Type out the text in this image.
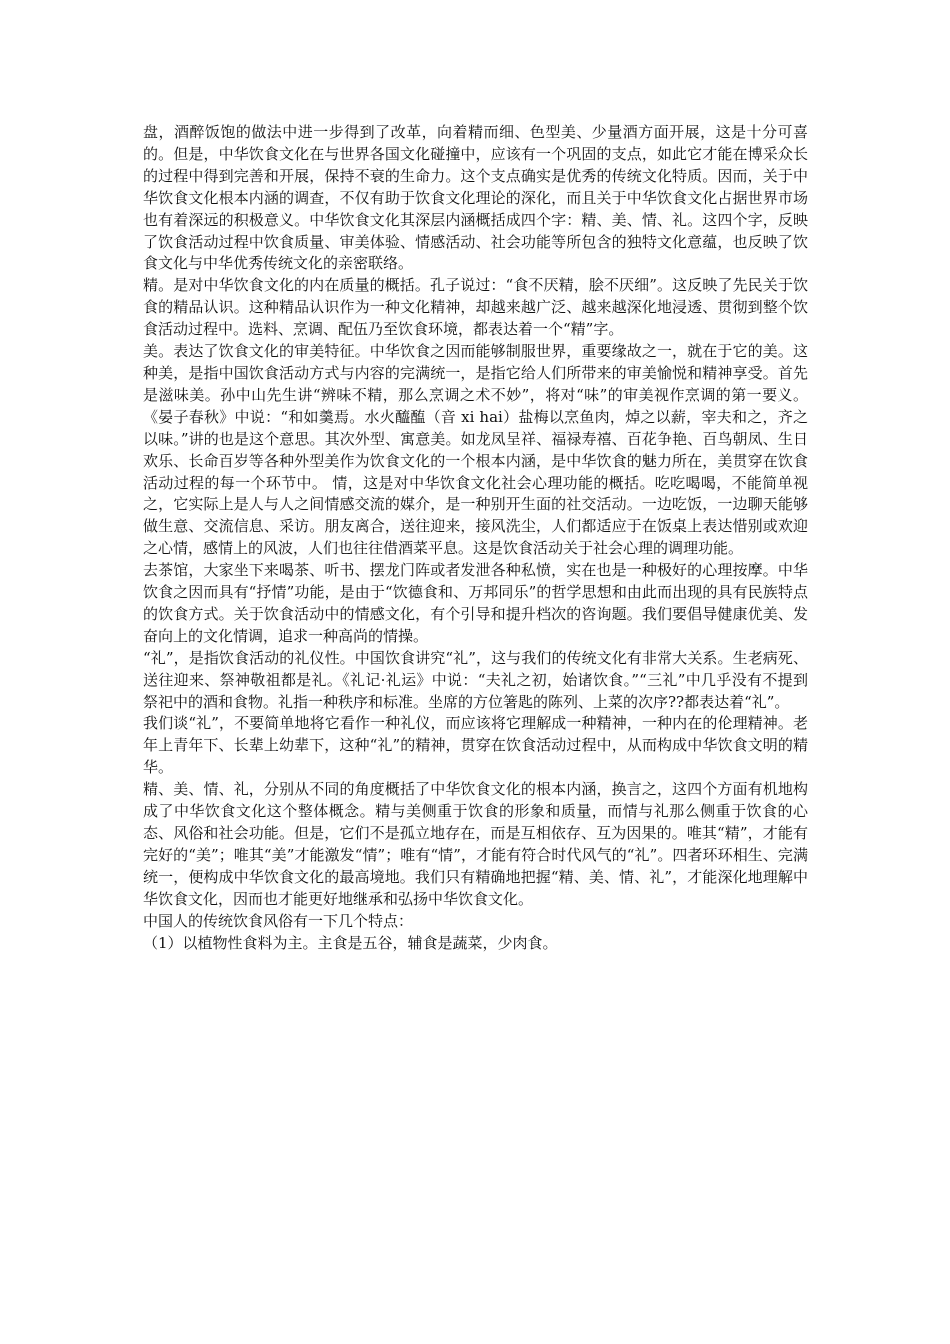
盘，酒醉饭饱的做法中进一步得到了改革，向着精而细、色型美、少量酒方面开展，这是十分可喜的。但是，中华饮食文化在与世界各国文化碰撞中，应该有一个巩固的支点，如此它才能在博采众长的过程中得到完善和开展，保持不衰的生命力。这个支点确实是优秀的传统文化特质。因而，关于中华饮食文化根本内涵的调查，不仅有助于饮食文化理论的深化，而且关于中华饮食文化占据世界市场也有着深远的积极意义。中华饮食文化其深层内涵概括成四个字：精、美、情、礼。这四个字，反映了饮食活动过程中饮食质量、审美体验、情感活动、社会功能等所包含的独特文化意蕴，也反映了饮食文化与中华优秀传统文化的亲密联络。

精。是对中华饮食文化的内在质量的概括。孔子说过：“食不厌精，脍不厌细”。这反映了先民关于饮食的精品认识。这种精品认识作为一种文化精神，却越来越广泛、越来越深化地浸透、贯彻到整个饮食活动过程中。选料、烹调、配伍乃至饮食环境，都表达着一个“精”字。

美。表达了饮食文化的审美特征。中华饮食之因而能够制服世界，重要缘故之一，就在于它的美。这种美，是指中国饮食活动方式与内容的完满统一，是指它给人们所带来的审美愉悦和精神享受。首先是滋味美。孙中山先生讲“辨味不精，那么烹调之术不妙”，将对“味”的审美视作烹调的第一要义。《晏子春秋》中说：“和如羹焉。水火醯醢（音 xi hai）盐梅以烹鱼肉，焯之以薪，宰夫和之，齐之以味。”讲的也是这个意思。其次外型、寓意美。如龙凤呈祥、福禄寿禧、百花争艳、百鸟朝凤、生日欢乐、长命百岁等各种外型美作为饮食文化的一个根本内涵，是中华饮食的魅力所在，美贯穿在饮食活动过程的每一个环节中。 情，这是对中华饮食文化社会心理功能的概括。吃吃喝喝，不能简单视之，它实际上是人与人之间情感交流的媒介，是一种别开生面的社交活动。一边吃饭，一边聊天能够做生意、交流信息、采访。朋友离合，送往迎来，接风洗尘，人们都适应于在饭桌上表达惜别或欢迎之心情，感情上的风波，人们也往往借酒菜平息。这是饮食活动关于社会心理的调理功能。

去茶馆，大家坐下来喝茶、听书、摆龙门阵或者发泄各种私愤，实在也是一种极好的心理按摩。中华饮食之因而具有“抒情”功能，是由于“饮德食和、万邦同乐”的哲学思想和由此而出现的具有民族特点的饮食方式。关于饮食活动中的情感文化，有个引导和提升档次的咨询题。我们要倡导健康优美、发奋向上的文化情调，追求一种高尚的情操。

“礼”，是指饮食活动的礼仪性。中国饮食讲究“礼”，这与我们的传统文化有非常大关系。生老病死、送往迎来、祭神敬祖都是礼。《礼记·礼运》中说：“夫礼之初，始诸饮食。”“三礼”中几乎没有不提到祭祀中的酒和食物。礼指一种秩序和标准。坐席的方位箸匙的陈列、上菜的次序??都表达着“礼”。

我们谈“礼”，不要简单地将它看作一种礼仪，而应该将它理解成一种精神，一种内在的伦理精神。老年上青年下、长辈上幼辈下，这种“礼”的精神，贯穿在饮食活动过程中，从而构成中华饮食文明的精华。

精、美、情、礼，分别从不同的角度概括了中华饮食文化的根本内涵，换言之，这四个方面有机地构成了中华饮食文化这个整体概念。精与美侧重于饮食的形象和质量，而情与礼那么侧重于饮食的心态、风俗和社会功能。但是，它们不是孤立地存在，而是互相依存、互为因果的。唯其“精”，才能有完好的“美”；唯其“美”才能激发“情”；唯有“情”，才能有符合时代风气的“礼”。四者环环相生、完满统一，便构成中华饮食文化的最高境地。我们只有精确地把握“精、美、情、礼”，才能深化地理解中华饮食文化，因而也才能更好地继承和弘扬中华饮食文化。

中国人的传统饮食风俗有一下几个特点：

（1）以植物性食料为主。主食是五谷，辅食是蔬菜，少肉食。
